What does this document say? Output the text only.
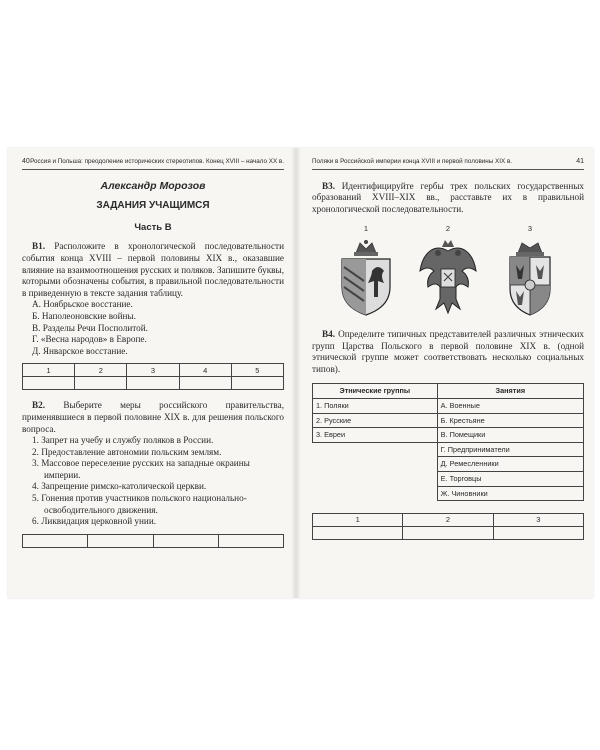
40 Россия и Польша: преодоление исторических стереотипов. Конец XVIII – начало XX в.
Александр Морозов
ЗАДАНИЯ УЧАЩИМСЯ
Часть В

В1. Расположите в хронологической последовательности события конца XVIII – первой половины XIX в., оказавшие влияние на взаимоотношения русских и поляков. Запишите буквы, которыми обозначены события, в правильной последовательности в приведенную в тексте задания таблицу.

А. Ноябрьское восстание.
Б. Наполеоновские войны.
В. Разделы Речи Посполитой.
Г. «Весна народов» в Европе.
Д. Январское восстание.
1	2	3	4	5

В2. Выберите меры российского правительства, применявшиеся в первой половине XIX в. для решения польского вопроса.

1. Запрет на учебу и службу поляков в России.
2. Предоставление автономии польским землям.
3. Массовое переселение русских на западные окраины империи.
4. Запрещение римско-католической церкви.
5. Гонения против участников польского национально-освободительного движения.
6. Ликвидация церковной унии.

Поляки в Российской империи конца XVIII и первой половины XIX в.	41

В3. Идентифицируйте гербы трех польских государственных образований XVIII–XIX вв., расставьте их в правильной хронологической последовательности.

1	2	3

В4. Определите типичных представителей различных этнических групп Царства Польского в первой половине XIX в. (одной этнической группе может соответствовать несколько социальных типов).

Этнические группы	Занятия
1. Поляки	А. Военные
2. Русские	Б. Крестьяне
3. Евреи	В. Помещики
	Г. Предприниматели
	Д. Ремесленники
	Е. Торговцы
	Ж. Чиновники
1	2	3
